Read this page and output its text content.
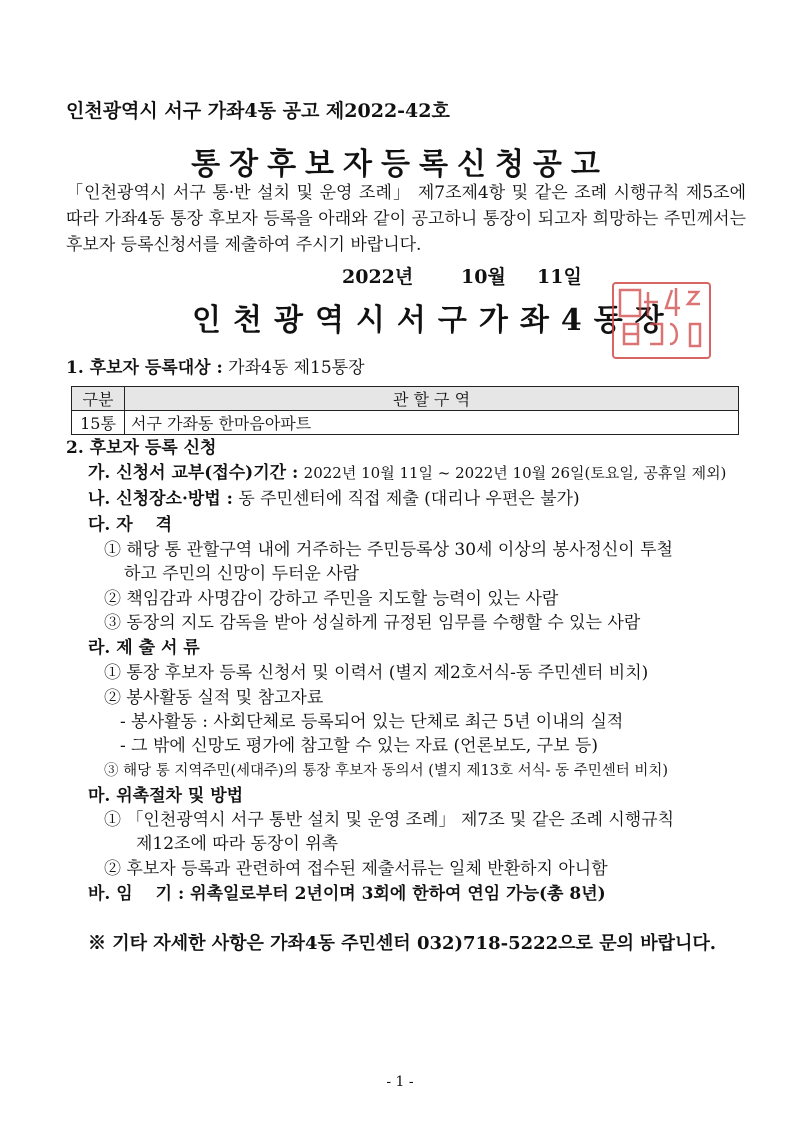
인천광역시 서구 가좌4동 공고 제2022-42호
통장후보자등록신청공고
「인천광역시 서구 통·반 설치 및 운영 조례」 제7조제4항 및 같은 조례 시행규칙 제5조에 따라 가좌4동 통장 후보자 등록을 아래와 같이 공고하니 통장이 되고자 희망하는 주민께서는 후보자 등록신청서를 제출하여 주시기 바랍니다.
2022년	10월 11일
인천광역시서구가좌4동장
1. 후보자 등록대상 : 가좌4동 제15통장
구분	관 할 구 역
15통	서구 가좌동 한마음아파트
2. 후보자 등록 신청
가. 신청서 교부(접수)기간 : 2022년 10월 11일 ~ 2022년 10월 26일(토요일, 공휴일 제외)
나. 신청장소·방법 : 동 주민센터에 직접 제출 (대리나 우편은 불가)
다. 자　 격
① 해당 통 관할구역 내에 거주하는 주민등록상 30세 이상의 봉사정신이 투철
하고 주민의 신망이 두터운 사람
② 책임감과 사명감이 강하고 주민을 지도할 능력이 있는 사람
③ 동장의 지도 감독을 받아 성실하게 규정된 임무를 수행할 수 있는 사람
라. 제 출 서 류
① 통장 후보자 등록 신청서 및 이력서 (별지 제2호서식-동 주민센터 비치)
② 봉사활동 실적 및 참고자료
- 봉사활동 : 사회단체로 등록되어 있는 단체로 최근 5년 이내의 실적
- 그 밖에 신망도 평가에 참고할 수 있는 자료 (언론보도, 구보 등)
③ 해당 통 지역주민(세대주)의 통장 후보자 동의서 (별지 제13호 서식- 동 주민센터 비치)
마. 위촉절차 및 방법
① 「인천광역시 서구 통반 설치 및 운영 조례」 제7조 및 같은 조례 시행규칙
제12조에 따라 동장이 위촉
② 후보자 등록과 관련하여 접수된 제출서류는 일체 반환하지 아니함
바. 임　 기 : 위촉일로부터 2년이며 3회에 한하여 연임 가능(총 8년)
※ 기타 자세한 사항은 가좌4동 주민센터 032)718-5222으로 문의 바랍니다.
- 1 -
